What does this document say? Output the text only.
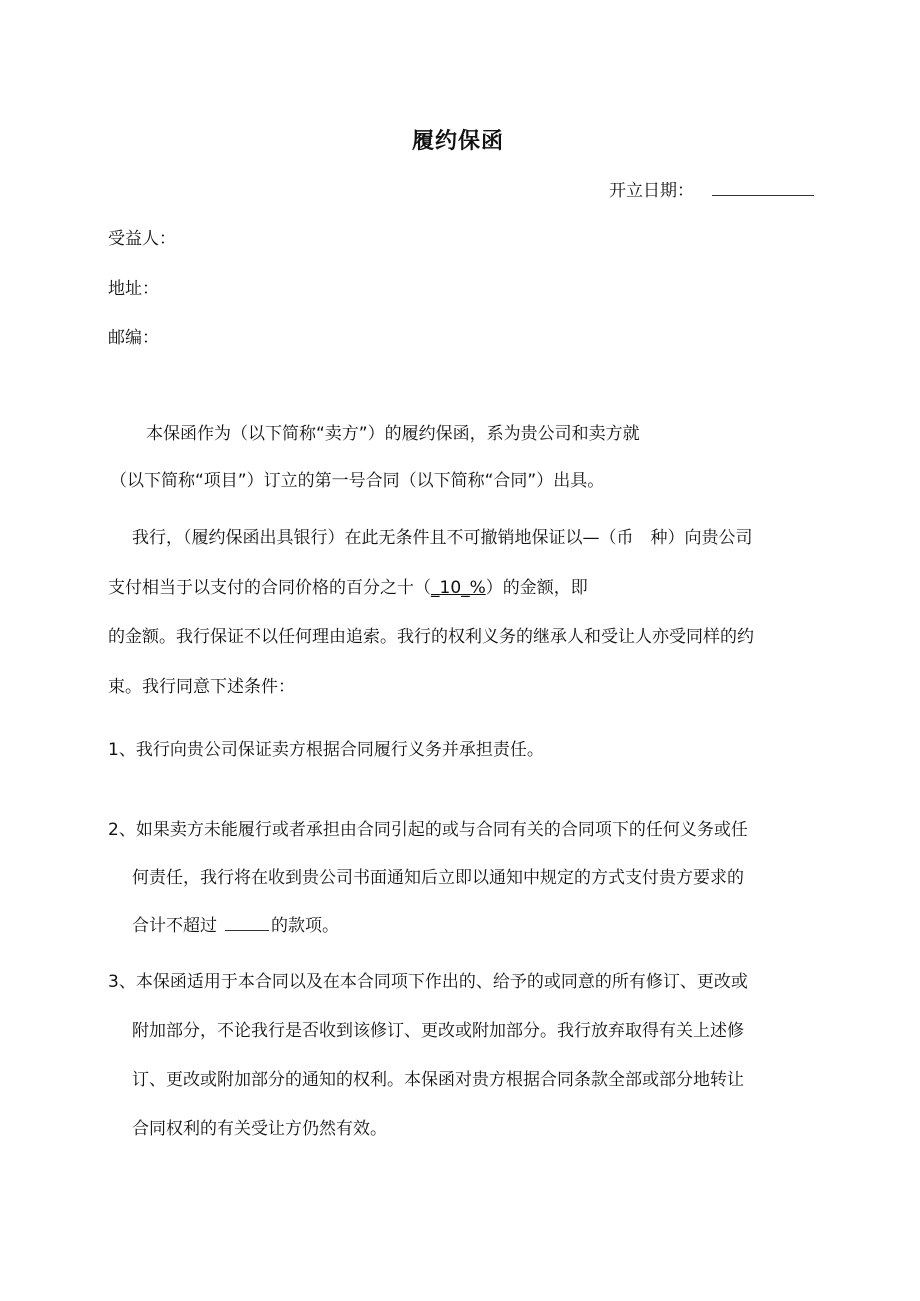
履约保函

开立日期：

受益人：

地址：

邮编：

本保函作为（以下简称“卖方”）的履约保函，系为贵公司和卖方就

（以下简称“项目”）订立的第一号合同（以下简称“合同”）出具。

我行，（履约保函出具银行）在此无条件且不可撤销地保证以—（币　种）向贵公司

支付相当于以支付的合同价格的百分之十（_10_%）的金额，即

的金额。我行保证不以任何理由追索。我行的权利义务的继承人和受让人亦受同样的约

束。我行同意下述条件：

1、我行向贵公司保证卖方根据合同履行义务并承担责任。

2、如果卖方未能履行或者承担由合同引起的或与合同有关的合同项下的任何义务或任

何责任，我行将在收到贵公司书面通知后立即以通知中规定的方式支付贵方要求的

合计不超过	的款项。

3、本保函适用于本合同以及在本合同项下作出的、给予的或同意的所有修订、更改或

附加部分，不论我行是否收到该修订、更改或附加部分。我行放弃取得有关上述修

订、更改或附加部分的通知的权利。本保函对贵方根据合同条款全部或部分地转让

合同权利的有关受让方仍然有效。
